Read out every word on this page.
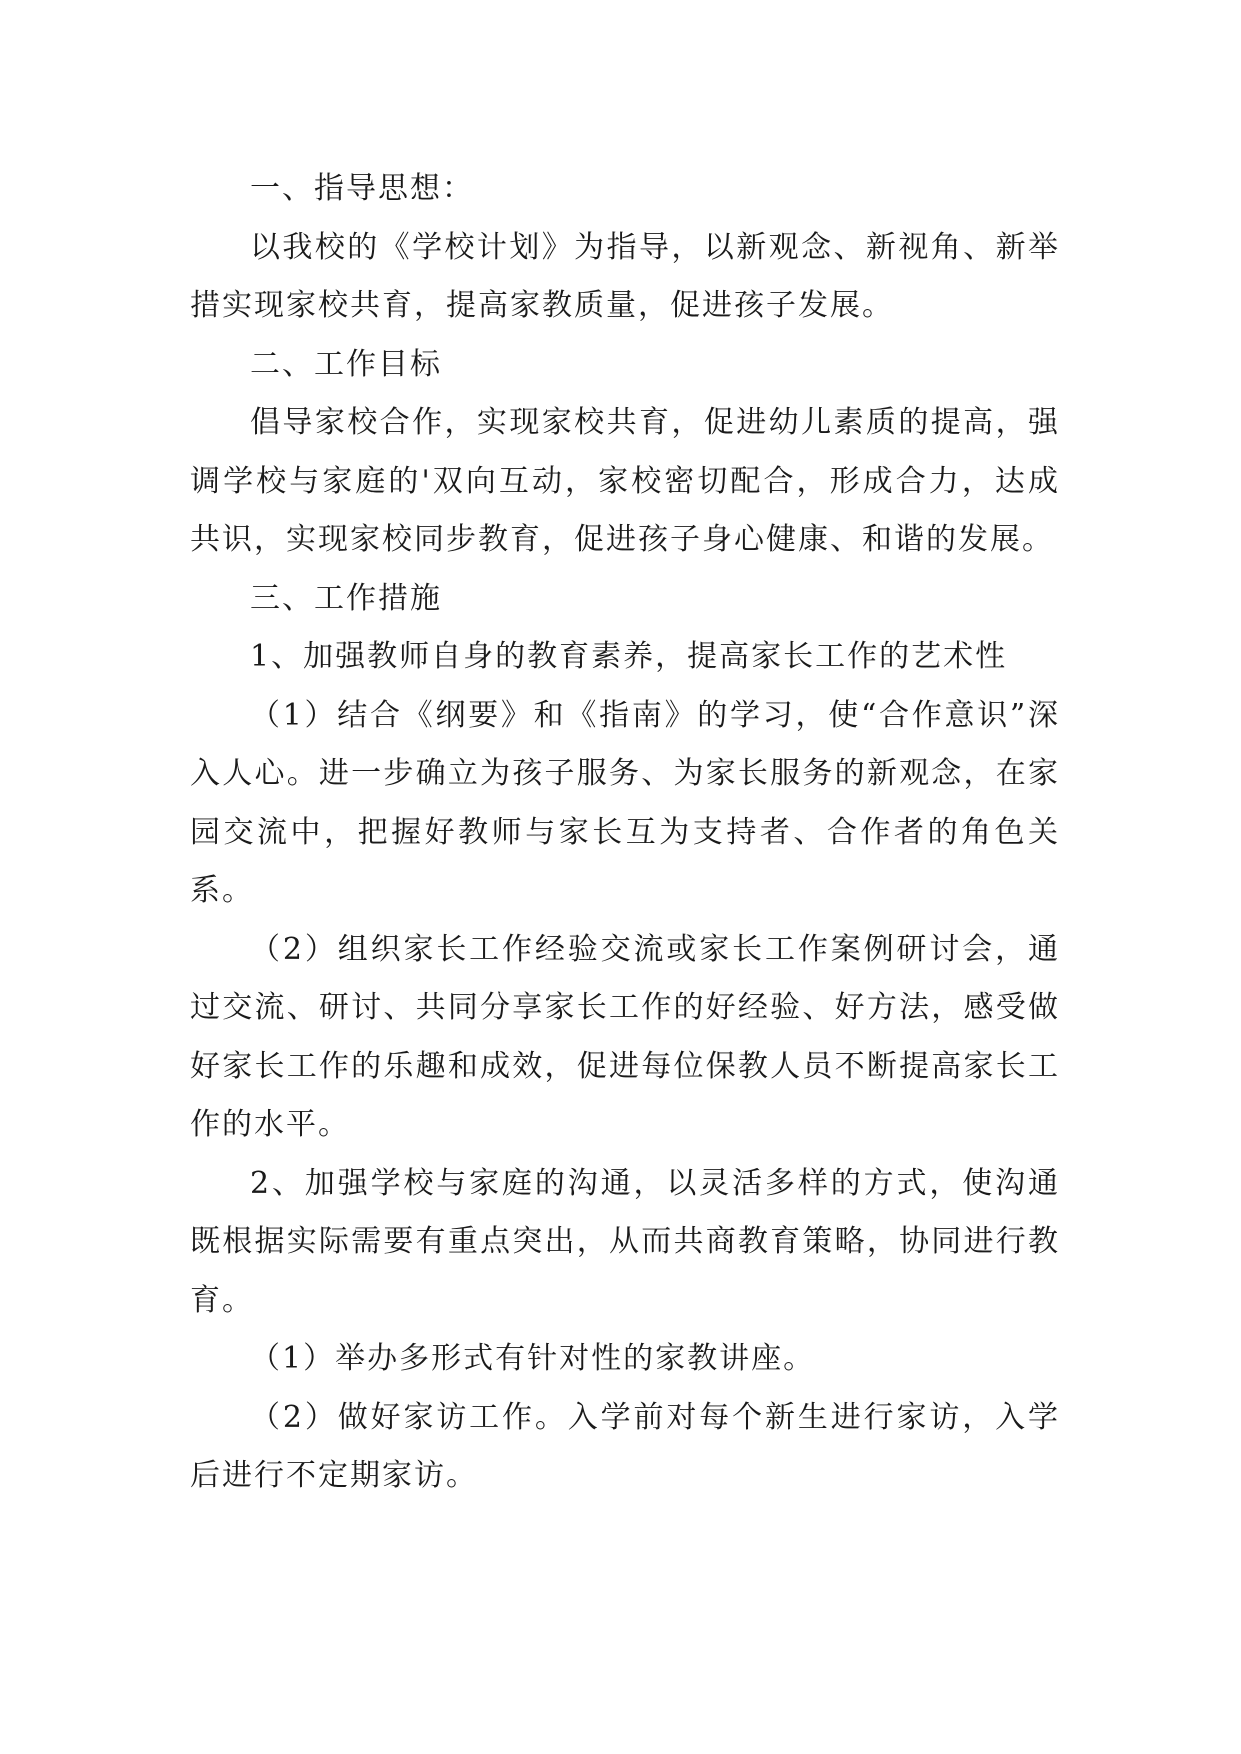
一、指导思想：

以我校的《学校计划》为指导，以新观念、新视角、新举措实现家校共育，提高家教质量，促进孩子发展。

二、工作目标

倡导家校合作，实现家校共育，促进幼儿素质的提高，强调学校与家庭的'双向互动，家校密切配合，形成合力，达成共识，实现家校同步教育，促进孩子身心健康、和谐的发展。

三、工作措施

1、加强教师自身的教育素养，提高家长工作的艺术性

（1）结合《纲要》和《指南》的学习，使“合作意识”深入人心。进一步确立为孩子服务、为家长服务的新观念，在家园交流中，把握好教师与家长互为支持者、合作者的角色关系。

（2）组织家长工作经验交流或家长工作案例研讨会，通过交流、研讨、共同分享家长工作的好经验、好方法，感受做好家长工作的乐趣和成效，促进每位保教人员不断提高家长工作的水平。

2、加强学校与家庭的沟通，以灵活多样的方式，使沟通既根据实际需要有重点突出，从而共商教育策略，协同进行教育。

（1）举办多形式有针对性的家教讲座。

（2）做好家访工作。入学前对每个新生进行家访，入学后进行不定期家访。
